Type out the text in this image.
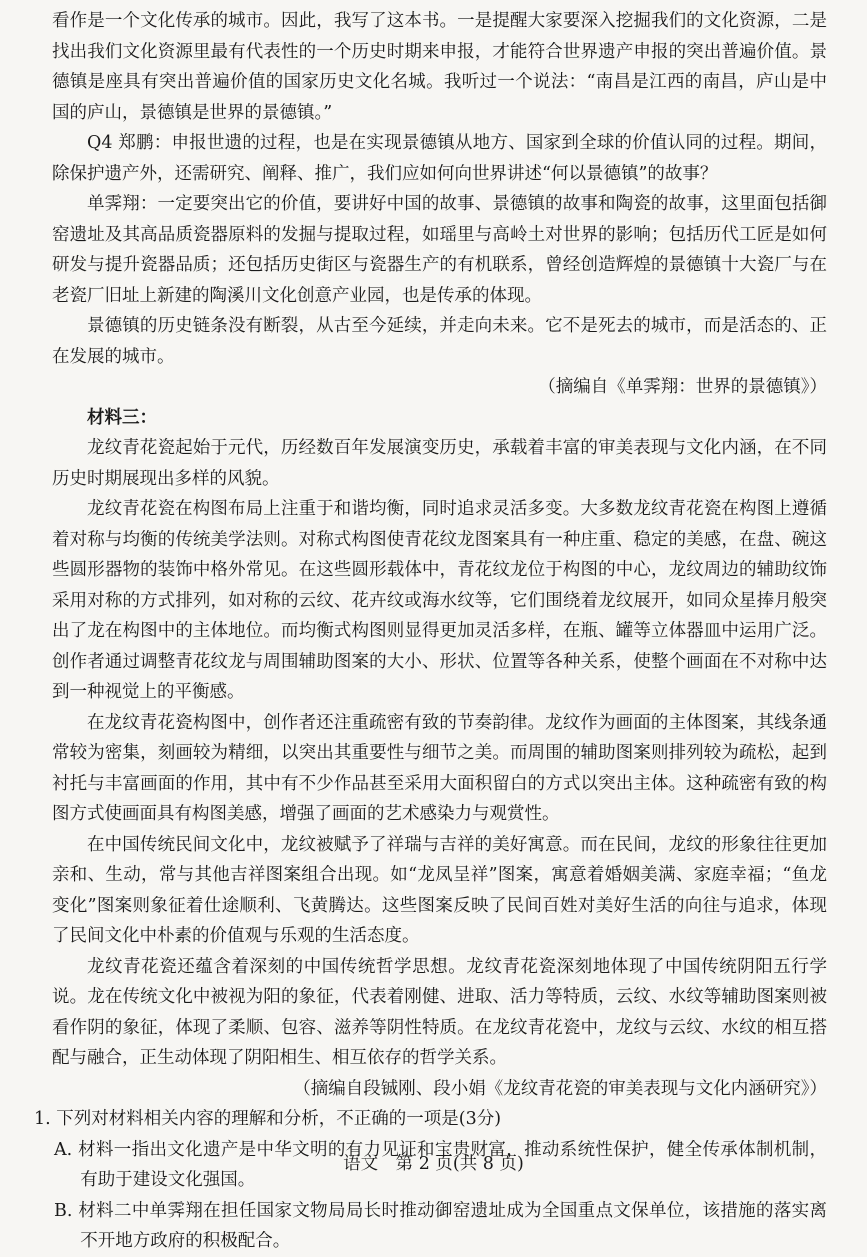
看作是一个文化传承的城市。因此，我写了这本书。一是提醒大家要深入挖掘我们的文化资源，二是找出我们文化资源里最有代表性的一个历史时期来申报，才能符合世界遗产申报的突出普遍价值。景德镇是座具有突出普遍价值的国家历史文化名城。我听过一个说法：“南昌是江西的南昌，庐山是中国的庐山，景德镇是世界的景德镇。”

Q4 郑鹏：申报世遗的过程，也是在实现景德镇从地方、国家到全球的价值认同的过程。期间，除保护遗产外，还需研究、阐释、推广，我们应如何向世界讲述“何以景德镇”的故事？

单霁翔：一定要突出它的价值，要讲好中国的故事、景德镇的故事和陶瓷的故事，这里面包括御窑遗址及其高品质瓷器原料的发掘与提取过程，如瑶里与高岭土对世界的影响；包括历代工匠是如何研发与提升瓷器品质；还包括历史街区与瓷器生产的有机联系，曾经创造辉煌的景德镇十大瓷厂与在老瓷厂旧址上新建的陶溪川文化创意产业园，也是传承的体现。

景德镇的历史链条没有断裂，从古至今延续，并走向未来。它不是死去的城市，而是活态的、正在发展的城市。

（摘编自《单霁翔：世界的景德镇》）

材料三：

龙纹青花瓷起始于元代，历经数百年发展演变历史，承载着丰富的审美表现与文化内涵，在不同历史时期展现出多样的风貌。

龙纹青花瓷在构图布局上注重于和谐均衡，同时追求灵活多变。大多数龙纹青花瓷在构图上遵循着对称与均衡的传统美学法则。对称式构图使青花纹龙图案具有一种庄重、稳定的美感，在盘、碗这些圆形器物的装饰中格外常见。在这些圆形载体中，青花纹龙位于构图的中心，龙纹周边的辅助纹饰采用对称的方式排列，如对称的云纹、花卉纹或海水纹等，它们围绕着龙纹展开，如同众星捧月般突出了龙在构图中的主体地位。而均衡式构图则显得更加灵活多样，在瓶、罐等立体器皿中运用广泛。创作者通过调整青花纹龙与周围辅助图案的大小、形状、位置等各种关系，使整个画面在不对称中达到一种视觉上的平衡感。

在龙纹青花瓷构图中，创作者还注重疏密有致的节奏韵律。龙纹作为画面的主体图案，其线条通常较为密集，刻画较为精细，以突出其重要性与细节之美。而周围的辅助图案则排列较为疏松，起到衬托与丰富画面的作用，其中有不少作品甚至采用大面积留白的方式以突出主体。这种疏密有致的构图方式使画面具有构图美感，增强了画面的艺术感染力与观赏性。

在中国传统民间文化中，龙纹被赋予了祥瑞与吉祥的美好寓意。而在民间，龙纹的形象往往更加亲和、生动，常与其他吉祥图案组合出现。如“龙凤呈祥”图案，寓意着婚姻美满、家庭幸福；“鱼龙变化”图案则象征着仕途顺利、飞黄腾达。这些图案反映了民间百姓对美好生活的向往与追求，体现了民间文化中朴素的价值观与乐观的生活态度。

龙纹青花瓷还蕴含着深刻的中国传统哲学思想。龙纹青花瓷深刻地体现了中国传统阴阳五行学说。龙在传统文化中被视为阳的象征，代表着刚健、进取、活力等特质，云纹、水纹等辅助图案则被看作阴的象征，体现了柔顺、包容、滋养等阴性特质。在龙纹青花瓷中，龙纹与云纹、水纹的相互搭配与融合，正生动体现了阴阳相生、相互依存的哲学关系。

（摘编自段铖刚、段小娟《龙纹青花瓷的审美表现与文化内涵研究》）

1. 下列对材料相关内容的理解和分析，不正确的一项是(3分)

A. 材料一指出文化遗产是中华文明的有力见证和宝贵财富，推动系统性保护，健全传承体制机制，有助于建设文化强国。

B. 材料二中单霁翔在担任国家文物局局长时推动御窑遗址成为全国重点文保单位，该措施的落实离不开地方政府的积极配合。

语文　第 2 页(共 8 页)
